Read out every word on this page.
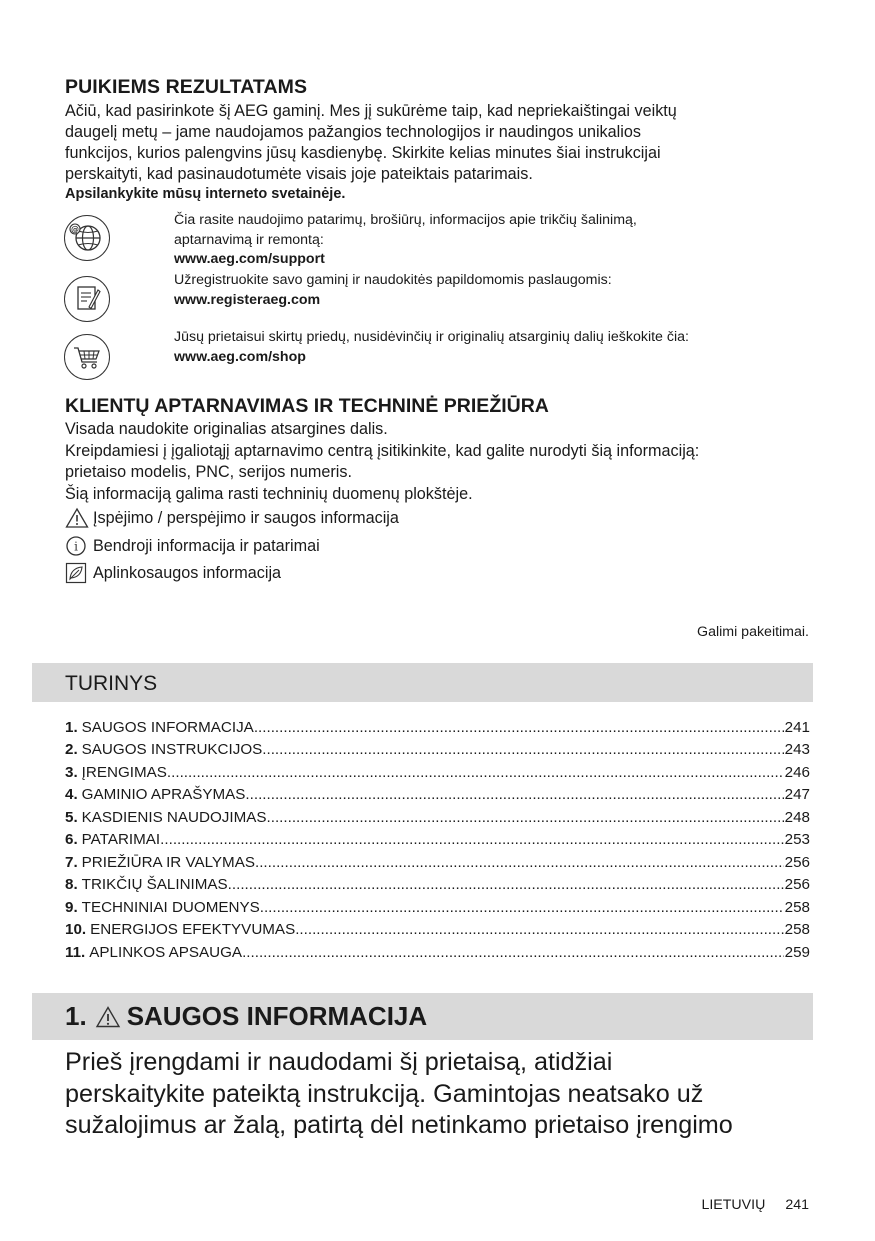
PUIKIEMS REZULTATAMS
Ačiū, kad pasirinkote šį AEG gaminį. Mes jį sukūrėme taip, kad nepriekaištingai veiktų
daugelį metų – jame naudojamos pažangios technologijos ir naudingos unikalios
funkcijos, kurios palengvins jūsų kasdienybę. Skirkite kelias minutes šiai instrukcijai
perskaityti, kad pasinaudotumėte visais joje pateiktais patarimais.
Apsilankykite mūsų interneto svetainėje.
@
Čia rasite naudojimo patarimų, brošiūrų, informacijos apie trikčių šalinimą,
aptarnavimą ir remontą:
www.aeg.com/support
Užregistruokite savo gaminį ir naudokitės papildomomis paslaugomis:
www.registeraeg.com
Jūsų prietaisui skirtų priedų, nusidėvinčių ir originalių atsarginių dalių ieškokite čia:
www.aeg.com/shop
KLIENTŲ APTARNAVIMAS IR TECHNINĖ PRIEŽIŪRA
Visada naudokite originalias atsargines dalis.
Kreipdamiesi į įgaliotąjį aptarnavimo centrą įsitikinkite, kad galite nurodyti šią informaciją:
prietaiso modelis, PNC, serijos numeris.
Šią informaciją galima rasti techninių duomenų plokštėje.
Įspėjimo / perspėjimo ir saugos informacija
i Bendroji informacija ir patarimai
Aplinkosaugos informacija
Galimi pakeitimai.
TURINYS
1. SAUGOS INFORMACIJA .....	241
2. SAUGOS INSTRUKCIJOS .....	243
3. ĮRENGIMAS .....	246
4. GAMINIO APRAŠYMAS .....	247
5. KASDIENIS NAUDOJIMAS .....	248
6. PATARIMAI .....	253
7. PRIEŽIŪRA IR VALYMAS .....	256
8. TRIKČIŲ ŠALINIMAS .....	256
9. TECHNINIAI DUOMENYS .....	258
10. ENERGIJOS EFEKTYVUMAS .....	258
11. APLINKOS APSAUGA .....	259
1. SAUGOS INFORMACIJA
Prieš įrengdami ir naudodami šį prietaisą, atidžiai
perskaitykite pateiktą instrukciją. Gamintojas neatsako už
sužalojimus ar žalą, patirtą dėl netinkamo prietaiso įrengimo
LIETUVIŲ 241
